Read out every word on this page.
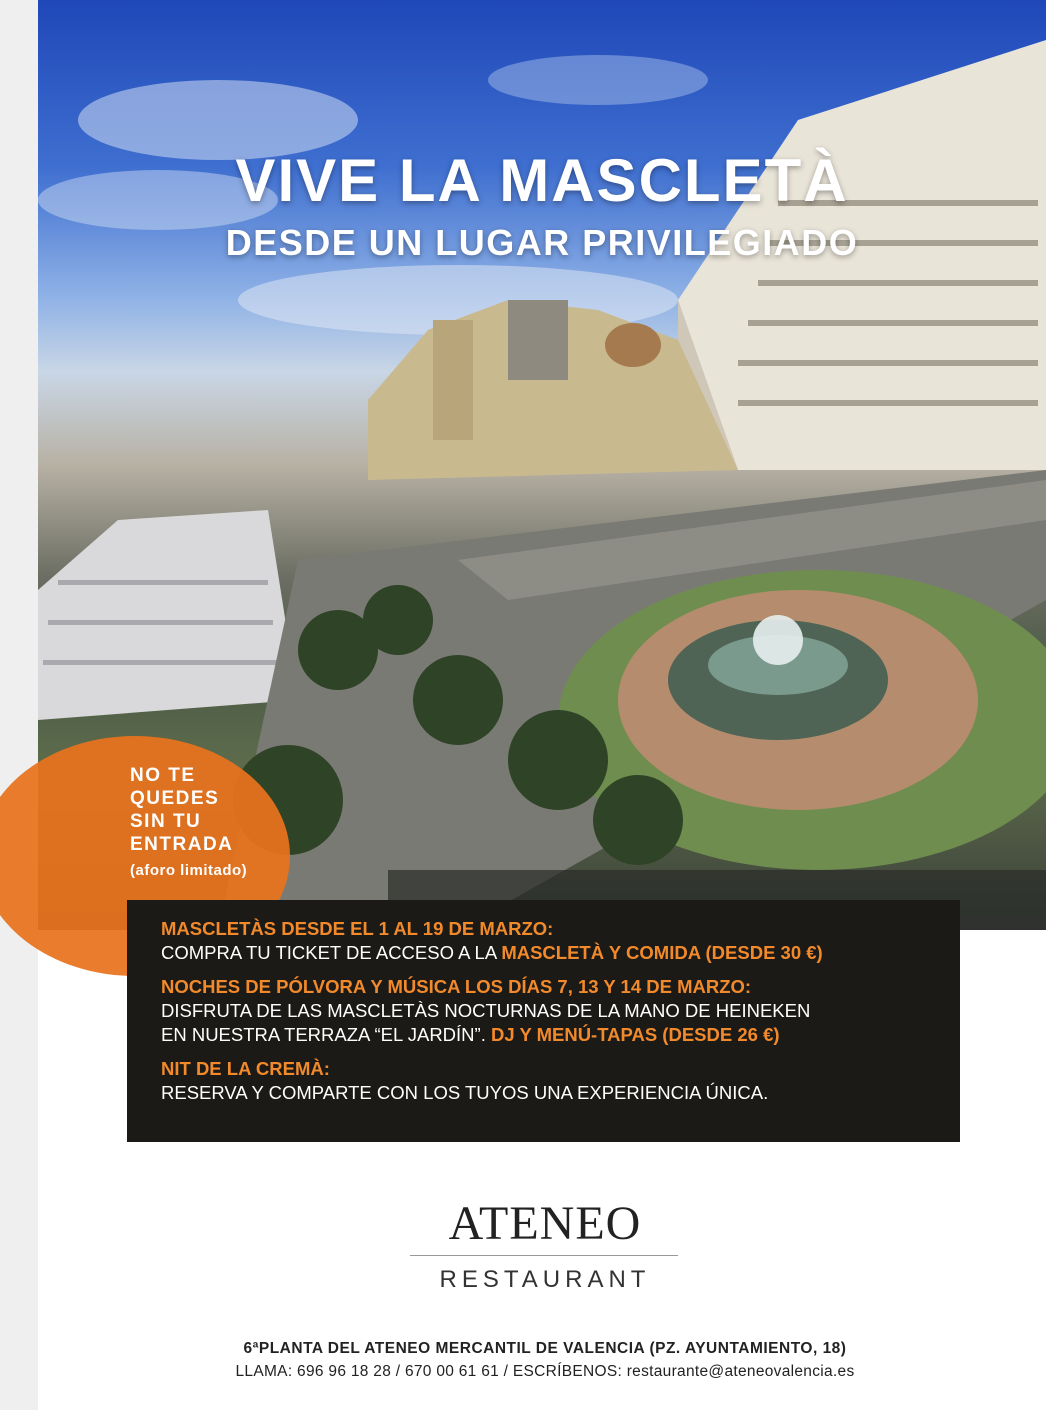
VIVE LA MASCLETÀ
DESDE UN LUGAR PRIVILEGIADO
NO TE
QUEDES
SIN TU
ENTRADA
(aforo limitado)
MASCLETÀS DESDE EL 1 AL 19 DE MARZO:
COMPRA TU TICKET DE ACCESO A LA MASCLETÀ Y COMIDA (DESDE 30 €)
NOCHES DE PÓLVORA Y MÚSICA LOS DÍAS 7, 13 Y 14 DE MARZO:
DISFRUTA DE LAS MASCLETÀS NOCTURNAS DE LA MANO DE HEINEKEN
EN NUESTRA TERRAZA “EL JARDÍN”. DJ Y MENÚ-TAPAS (DESDE 26 €)
NIT DE LA CREMÀ:
RESERVA Y COMPARTE CON LOS TUYOS UNA EXPERIENCIA ÚNICA.
ATENEO
RESTAURANT
6ªPLANTA DEL ATENEO MERCANTIL DE VALENCIA (PZ. AYUNTAMIENTO, 18)
LLAMA: 696 96 18 28 / 670 00 61 61 / ESCRÍBENOS: restaurante@ateneovalencia.es
